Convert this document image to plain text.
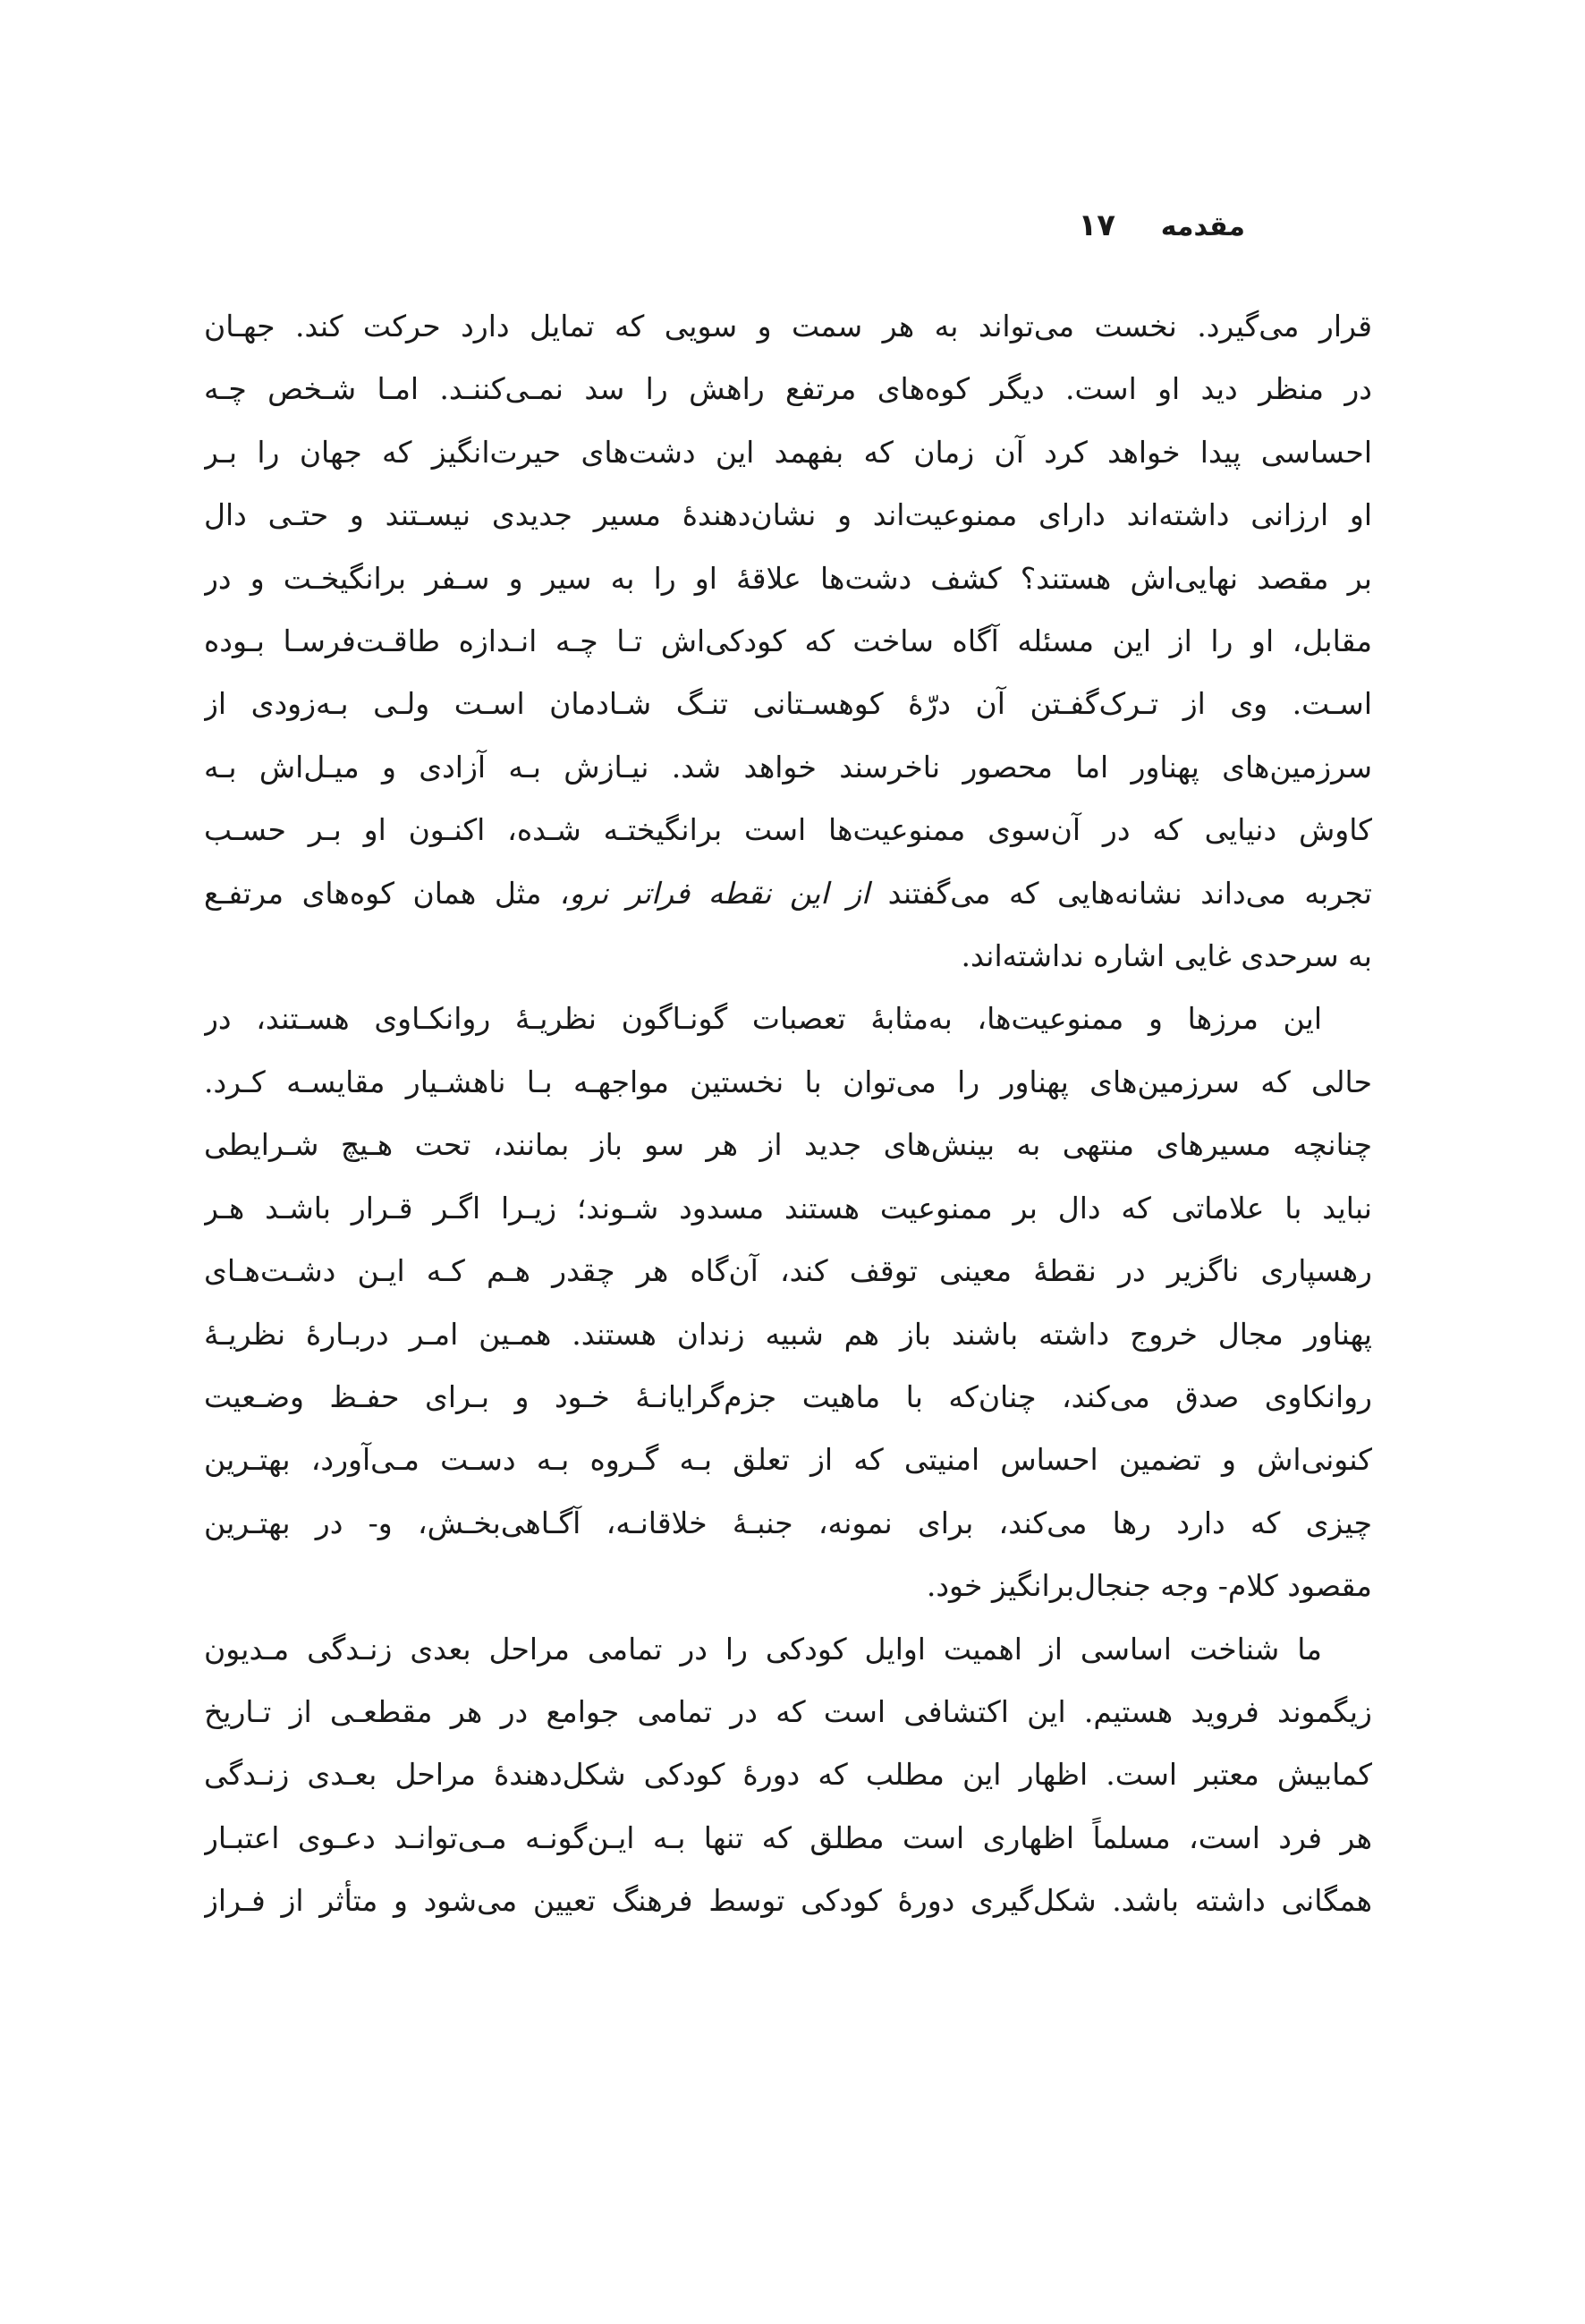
مقدمه
۱۷
قرار می‌گیرد. نخست می‌تواند به هر سمت و سویی که تمایل دارد حرکت کند. جهـان
در منظر دید او است. دیگر کوه‌های مرتفع راهش را سد نمـی‌کننـد. امـا شـخص چـه
احساسی پیدا خواهد کرد آن زمان که بفهمد این دشت‌های حیرت‌انگیز که جهان را بـر
او ارزانی داشته‌اند دارای ممنوعیت‌اند و نشان‌دهندهٔ مسیر جدیدی نیسـتند و حتـی دال
بر مقصد نهایی‌اش هستند؟ کشف دشت‌ها علاقهٔ او را به سیر و سـفر برانگیخـت و در
مقابل، او را از این مسئله آگاه ساخت که کودکی‌اش تـا چـه انـدازه طاقـت‌فرسـا بـوده
اسـت. وی از تـرک‌گفـتن آن درّهٔ کوهسـتانی تنـگ شـادمان اسـت ولـی بـه‌زودی از
سرزمین‌های پهناور اما محصور ناخرسند خواهد شد. نیـازش بـه آزادی و میـل‌اش بـه
کاوش دنیایی که در آن‌سوی ممنوعیت‌ها است برانگیختـه شـده، اکنـون او بـر حسـب
تجربه می‌داند نشانه‌هایی که می‌گفتند از این نقطه فراتر نرو، مثل همان کوه‌های مرتفـع
به سرحدی غایی اشاره نداشته‌اند.
این مرزها و ممنوعیت‌ها، به‌مثابهٔ تعصبات گونـاگون نظریـهٔ روانکـاوی هسـتند، در
حالی که سرزمین‌های پهناور را می‌توان با نخستین مواجهـه بـا ناهشـیار مقایسـه کـرد.
چنانچه مسیرهای منتهی به بینش‌های جدید از هر سو باز بمانند، تحت هـیچ شـرایطی
نباید با علاماتی که دال بر ممنوعیت هستند مسدود شـوند؛ زیـرا اگـر قـرار باشـد هـر
رهسپاری ناگزیر در نقطهٔ معینی توقف کند، آن‌گاه هر چقدر هـم کـه ایـن دشـت‌هـای
پهناور مجال خروج داشته باشند باز هم شبیه زندان هستند. همـین امـر دربـارهٔ نظریـهٔ
روانکاوی صدق می‌کند، چنان‌که با ماهیت جزم‌گرایانـهٔ خـود و بـرای حفـظ وضـعیت
کنونی‌اش و تضمین احساس امنیتی که از تعلق بـه گـروه بـه دسـت مـی‌آورد، بهتـرین
چیزی که دارد رها می‌کند، برای نمونه، جنبـهٔ خلاقانـه، آگـاهی‌بخـش، و- در بهتـرین
مقصود کلام- وجه جنجال‌برانگیز خود.
ما شناخت اساسی از اهمیت اوایل کودکی را در تمامی مراحل بعدی زنـدگی مـدیون
زیگموند فروید هستیم. این اکتشافی است که در تمامی جوامع در هر مقطعـی از تـاریخ
کمابیش معتبر است. اظهار این مطلب که دورهٔ کودکی شکل‌دهندهٔ مراحل بعـدی زنـدگی
هر فرد است، مسلماً اظهاری است مطلق که تنها بـه ایـن‌گونـه مـی‌توانـد دعـوی اعتبـار
همگانی داشته باشد. شکل‌گیری دورهٔ کودکی توسط فرهنگ تعیین می‌شود و متأثر از فـراز
